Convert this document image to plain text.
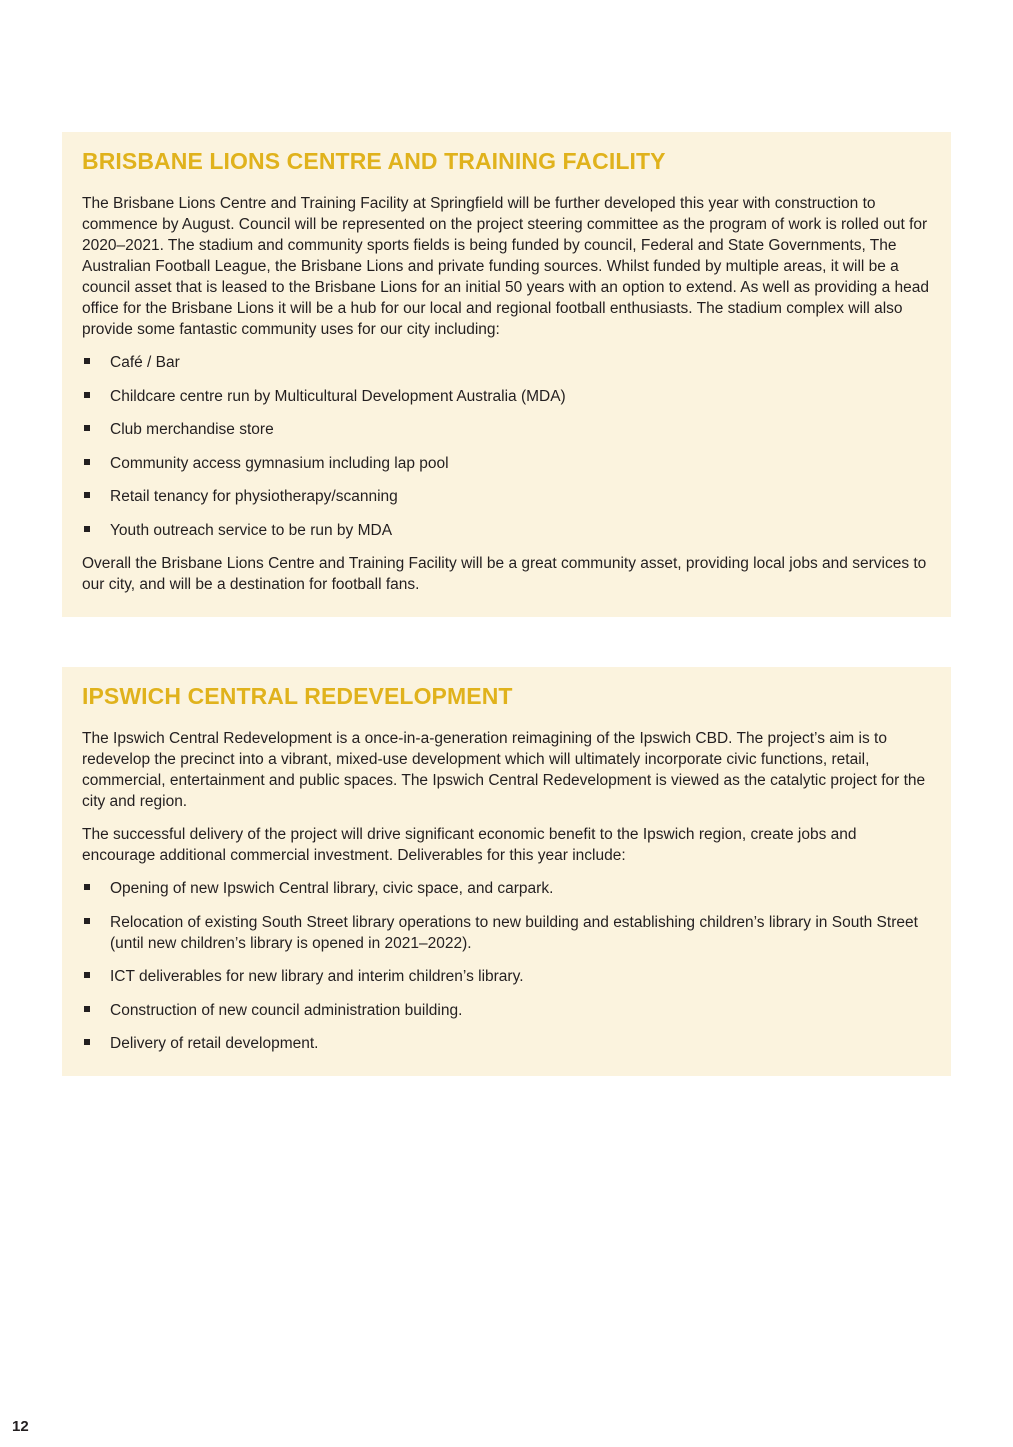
BRISBANE LIONS CENTRE AND TRAINING FACILITY

The Brisbane Lions Centre and Training Facility at Springfield will be further developed this year with construction to commence by August. Council will be represented on the project steering committee as the program of work is rolled out for 2020–2021. The stadium and community sports fields is being funded by council, Federal and State Governments, The Australian Football League, the Brisbane Lions and private funding sources. Whilst funded by multiple areas, it will be a council asset that is leased to the Brisbane Lions for an initial 50 years with an option to extend. As well as providing a head office for the Brisbane Lions it will be a hub for our local and regional football enthusiasts. The stadium complex will also provide some fantastic community uses for our city including:

Café / Bar
Childcare centre run by Multicultural Development Australia (MDA)
Club merchandise store
Community access gymnasium including lap pool
Retail tenancy for physiotherapy/scanning
Youth outreach service to be run by MDA

Overall the Brisbane Lions Centre and Training Facility will be a great community asset, providing local jobs and services to our city, and will be a destination for football fans.

IPSWICH CENTRAL REDEVELOPMENT

The Ipswich Central Redevelopment is a once-in-a-generation reimagining of the Ipswich CBD. The project’s aim is to redevelop the precinct into a vibrant, mixed-use development which will ultimately incorporate civic functions, retail, commercial, entertainment and public spaces. The Ipswich Central Redevelopment is viewed as the catalytic project for the city and region.

The successful delivery of the project will drive significant economic benefit to the Ipswich region, create jobs and encourage additional commercial investment. Deliverables for this year include:

Opening of new Ipswich Central library, civic space, and carpark.
Relocation of existing South Street library operations to new building and establishing children’s library in South Street (until new children’s library is opened in 2021–2022).
ICT deliverables for new library and interim children’s library.
Construction of new council administration building.
Delivery of retail development.
12
